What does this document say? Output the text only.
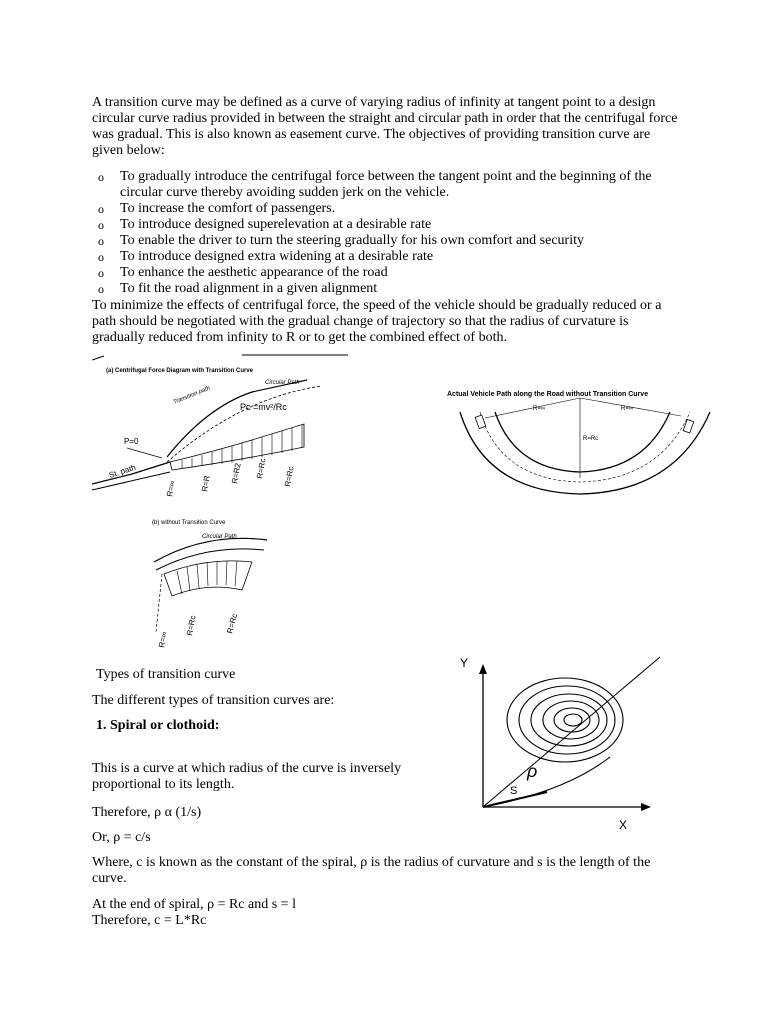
A transition curve may be defined as a curve of varying radius of infinity at tangent point to a design circular curve radius provided in between the straight and circular path in order that the centrifugal force was gradual. This is also known as easement curve. The objectives of providing transition curve are given below:

o To gradually introduce the centrifugal force between the tangent point and the beginning of the circular curve thereby avoiding sudden jerk on the vehicle.
o To increase the comfort of passengers.
o To introduce designed superelevation at a desirable rate
o To enable the driver to turn the steering gradually for his own comfort and security
o To introduce designed extra widening at a desirable rate
o To enhance the aesthetic appearance of the road
o To fit the road alignment in a given alignment

To minimize the effects of centrifugal force, the speed of the vehicle should be gradually reduced or a path should be negotiated with the gradual change of trajectory so that the radius of curvature is gradually reduced from infinity to R or to get the combined effect of both.

(a) Centrifugal Force Diagram with Transition Curve
Circular Path
Transition path
Pc =mv²/Rc
P=0
St. path
R=∞	R=R R=R2 R=Rc R=Rc
(b) without Transition Curve
Circular Path
R=∞
R=Rc	R=Rc
Actual Vehicle Path along the Road without Transition Curve
R=∞
R=Rc
R=∞
Y
X
S
ρ

Types of transition curve

The different types of transition curves are:

1. Spiral or clothoid:

This is a curve at which radius of the curve is inversely proportional to its length.

Therefore, ρ α (1/s)

Or, ρ = c/s

Where, c is known as the constant of the spiral, ρ is the radius of curvature and s is the length of the curve.

At the end of spiral, ρ = Rc and s = l
Therefore, c = L*Rc
